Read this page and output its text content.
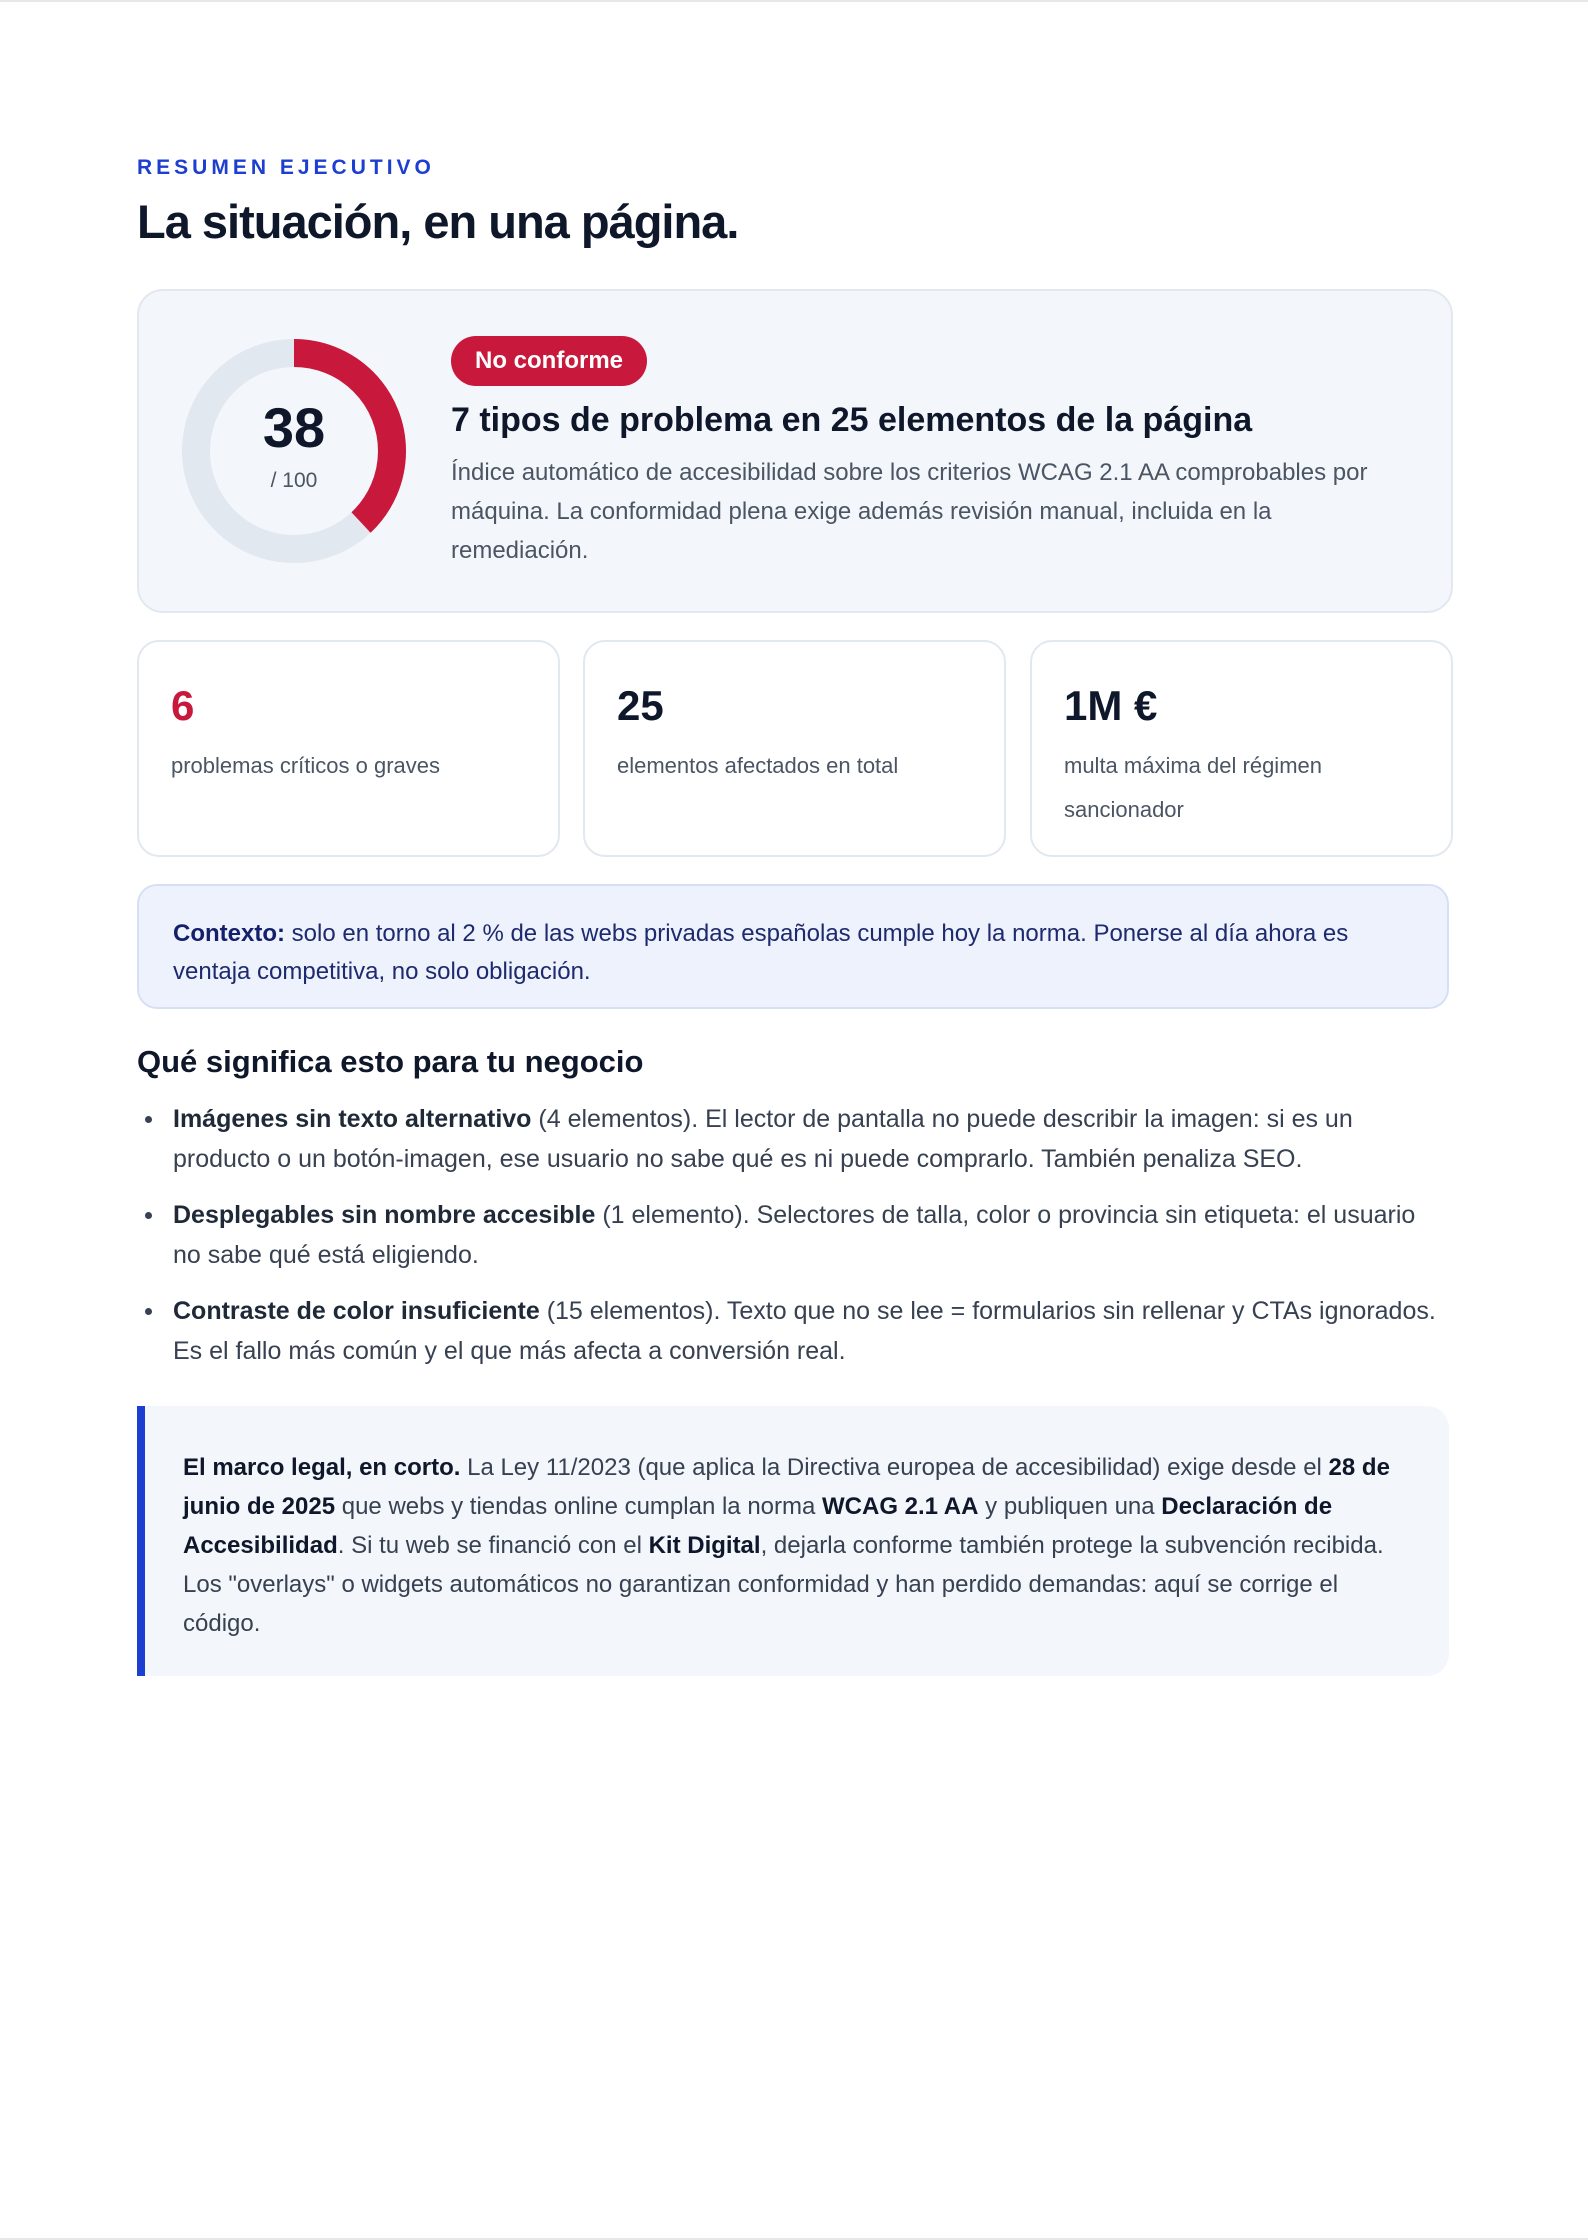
RESUMEN EJECUTIVO
La situación, en una página.
38
/ 100
No conforme
7 tipos de problema en 25 elementos de la página

Índice automático de accesibilidad sobre los criterios WCAG 2.1 AA comprobables por máquina. La conformidad plena exige además revisión manual, incluida en la remediación.

6
problemas críticos o graves
25
elementos afectados en total
1M €
multa máxima del régimen sancionador
Contexto: solo en torno al 2 % de las webs privadas españolas cumple hoy la norma. Ponerse al día ahora es ventaja competitiva, no solo obligación.
Qué significa esto para tu negocio
Imágenes sin texto alternativo (4 elementos). El lector de pantalla no puede describir la imagen: si es un producto o un botón-imagen, ese usuario no sabe qué es ni puede comprarlo. También penaliza SEO.
Desplegables sin nombre accesible (1 elemento). Selectores de talla, color o provincia sin etiqueta: el usuario no sabe qué está eligiendo.
Contraste de color insuficiente (15 elementos). Texto que no se lee = formularios sin rellenar y CTAs ignorados. Es el fallo más común y el que más afecta a conversión real.
El marco legal, en corto. La Ley 11/2023 (que aplica la Directiva europea de accesibilidad) exige desde el 28 de junio de 2025 que webs y tiendas online cumplan la norma WCAG 2.1 AA y publiquen una Declaración de Accesibilidad. Si tu web se financió con el Kit Digital, dejarla conforme también protege la subvención recibida. Los "overlays" o widgets automáticos no garantizan conformidad y han perdido demandas: aquí se corrige el código.
